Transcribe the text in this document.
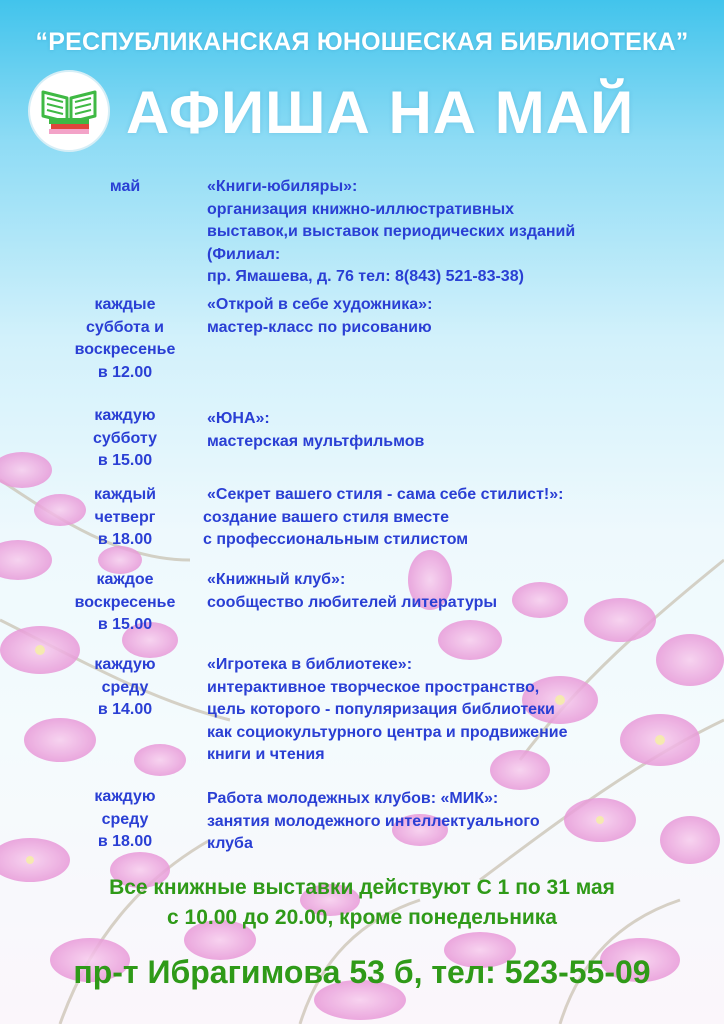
“РЕСПУБЛИКАНСКАЯ ЮНОШЕСКАЯ БИБЛИОТЕКА”
АФИША НА МАЙ
май	«Книги-юбиляры»:
организация книжно-иллюстративных
выставок,и выставок периодических изданий
(Филиал:
пр. Ямашева, д. 76 тел: 8(843) 521-83-38)
каждые
суббота и
воскресенье
в 12.00
«Открой в себе художника»:
мастер-класс по рисованию
каждую
субботу
в 15.00
«ЮНА»:
мастерская мультфильмов
каждый
четверг
в 18.00
«Секрет вашего стиля - сама себе стилист!»:
создание вашего стиля вместе
с профессиональным стилистом
каждое
воскресенье
в 15.00
«Книжный клуб»:
сообщество любителей литературы
каждую
среду
в 14.00
«Игротека в библиотеке»:
интерактивное творческое пространство,
цель которого - популяризация библиотеки
как социокультурного центра и продвижение
книги и чтения
каждую
среду
в 18.00
Работа молодежных клубов: «МИК»:
занятия молодежного интеллектуального
клуба
Все книжные выставки действуют С 1 по 31 мая
с 10.00 до 20.00, кроме понедельника
пр-т Ибрагимова 53 б, тел: 523-55-09
